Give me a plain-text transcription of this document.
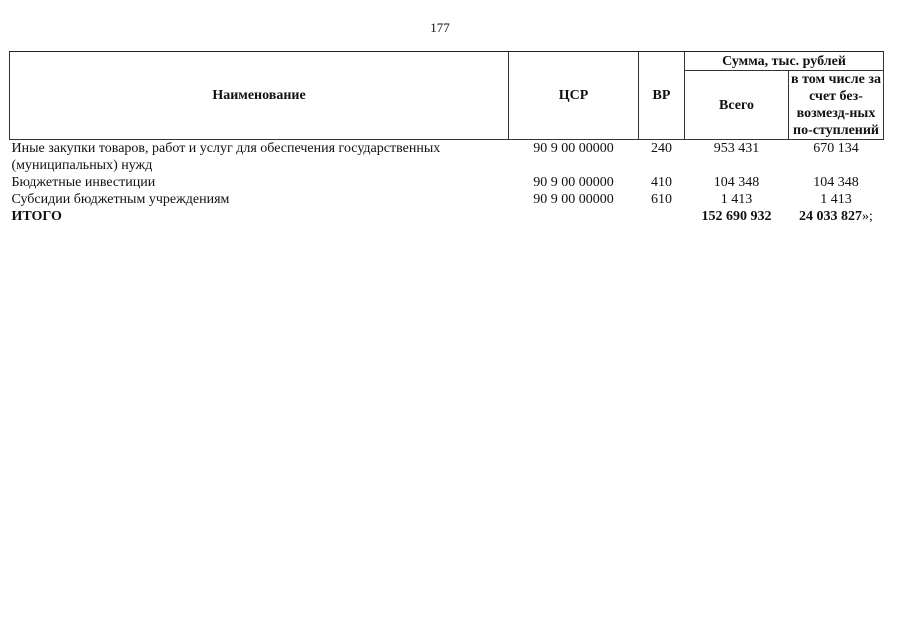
177
Наименование	ЦСР	ВР	Сумма, тыс. рублей	
			Всего	в том числе за счет без-возмезд-ных по-ступлений
Иные закупки товаров, работ и услуг для обеспечения государственных (муниципальных) нужд	90 9 00 00000	240	953 431	670 134
Бюджетные инвестиции	90 9 00 00000	410	104 348	104 348
Субсидии бюджетным учреждениям	90 9 00 00000	610	1 413	1 413
ИТОГО			152 690 932	24 033 827»;
